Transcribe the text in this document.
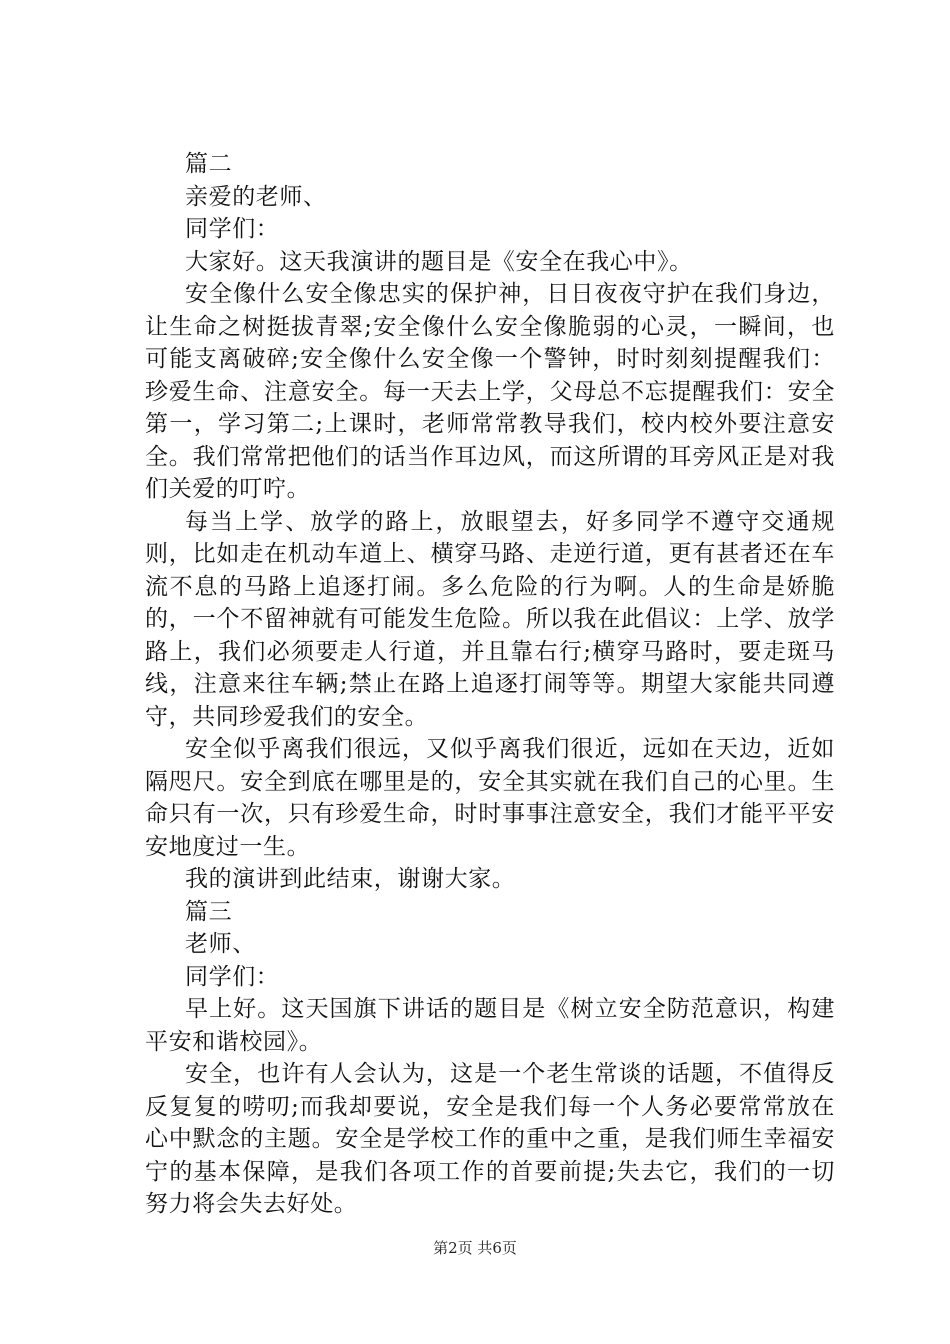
篇二

亲爱的老师、

同学们：

大家好。这天我演讲的题目是《安全在我心中》。

安全像什么安全像忠实的保护神，日日夜夜守护在我们身边，让生命之树挺拔青翠;安全像什么安全像脆弱的心灵，一瞬间，也可能支离破碎;安全像什么安全像一个警钟，时时刻刻提醒我们：珍爱生命、注意安全。每一天去上学，父母总不忘提醒我们：安全第一，学习第二;上课时，老师常常教导我们，校内校外要注意安全。我们常常把他们的话当作耳边风，而这所谓的耳旁风正是对我们关爱的叮咛。

每当上学、放学的路上，放眼望去，好多同学不遵守交通规则，比如走在机动车道上、横穿马路、走逆行道，更有甚者还在车流不息的马路上追逐打闹。多么危险的行为啊。人的生命是娇脆的，一个不留神就有可能发生危险。所以我在此倡议：上学、放学路上，我们必须要走人行道，并且靠右行;横穿马路时，要走斑马线，注意来往车辆;禁止在路上追逐打闹等等。期望大家能共同遵守，共同珍爱我们的安全。

安全似乎离我们很远，又似乎离我们很近，远如在天边，近如隔咫尺。安全到底在哪里是的，安全其实就在我们自己的心里。生命只有一次，只有珍爱生命，时时事事注意安全，我们才能平平安安地度过一生。

我的演讲到此结束，谢谢大家。

篇三

老师、

同学们：

早上好。这天国旗下讲话的题目是《树立安全防范意识，构建平安和谐校园》。

安全，也许有人会认为，这是一个老生常谈的话题，不值得反反复复的唠叨;而我却要说，安全是我们每一个人务必要常常放在心中默念的主题。安全是学校工作的重中之重，是我们师生幸福安宁的基本保障，是我们各项工作的首要前提;失去它，我们的一切努力将会失去好处。

第2页 共6页
